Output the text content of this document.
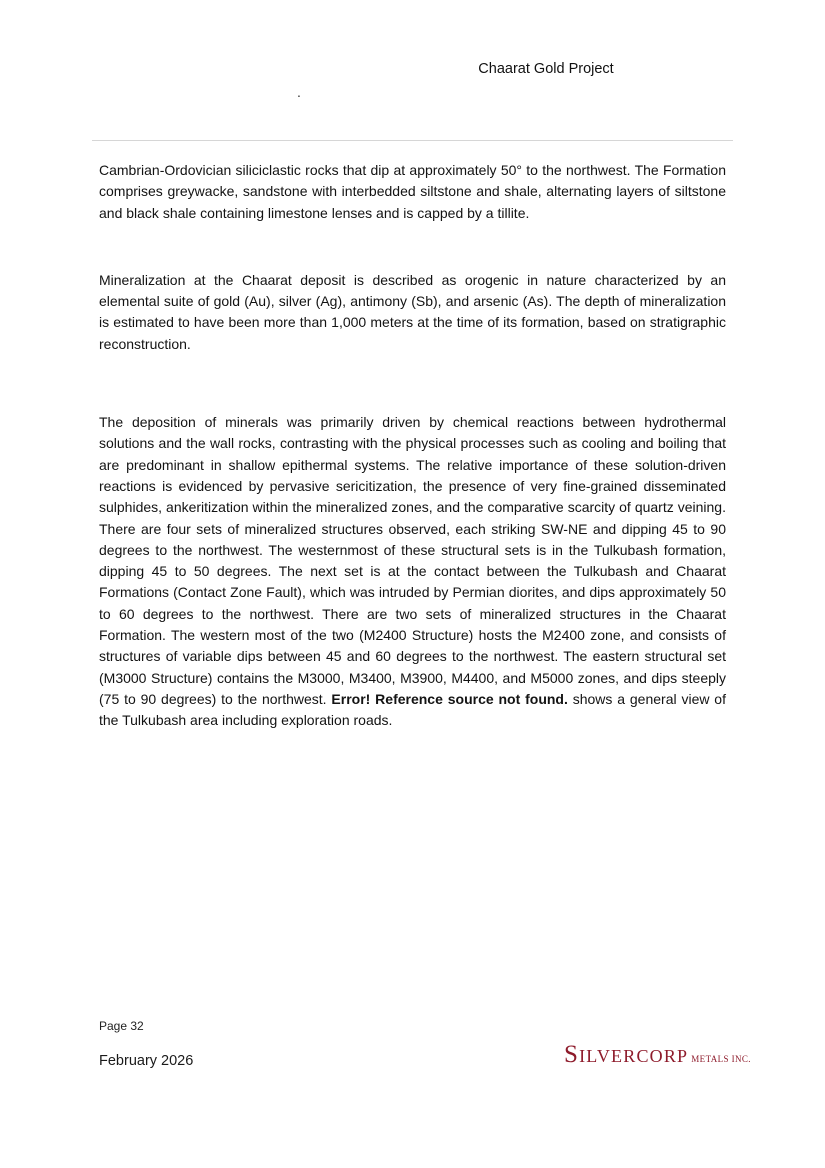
Chaarat Gold Project
.

Cambrian-Ordovician siliciclastic rocks that dip at approximately 50° to the northwest. The Formation comprises greywacke, sandstone with interbedded siltstone and shale, alternating layers of siltstone and black shale containing limestone lenses and is capped by a tillite.

Mineralization at the Chaarat deposit is described as orogenic in nature characterized by an elemental suite of gold (Au), silver (Ag), antimony (Sb), and arsenic (As). The depth of mineralization is estimated to have been more than 1,000 meters at the time of its formation, based on stratigraphic reconstruction.

The deposition of minerals was primarily driven by chemical reactions between hydrothermal solutions and the wall rocks, contrasting with the physical processes such as cooling and boiling that are predominant in shallow epithermal systems. The relative importance of these solution-driven reactions is evidenced by pervasive sericitization, the presence of very fine-grained disseminated sulphides, ankeritization within the mineralized zones, and the comparative scarcity of quartz veining. There are four sets of mineralized structures observed, each striking SW-NE and dipping 45 to 90 degrees to the northwest. The westernmost of these structural sets is in the Tulkubash formation, dipping 45 to 50 degrees. The next set is at the contact between the Tulkubash and Chaarat Formations (Contact Zone Fault), which was intruded by Permian diorites, and dips approximately 50 to 60 degrees to the northwest. There are two sets of mineralized structures in the Chaarat Formation. The western most of the two (M2400 Structure) hosts the M2400 zone, and consists of structures of variable dips between 45 and 60 degrees to the northwest. The eastern structural set (M3000 Structure) contains the M3000, M3400, M3900, M4400, and M5000 zones, and dips steeply (75 to 90 degrees) to the northwest. Error! Reference source not found. shows a general view of the Tulkubash area including exploration roads.

Page 32
February 2026	SILVERCORP METALS INC.
